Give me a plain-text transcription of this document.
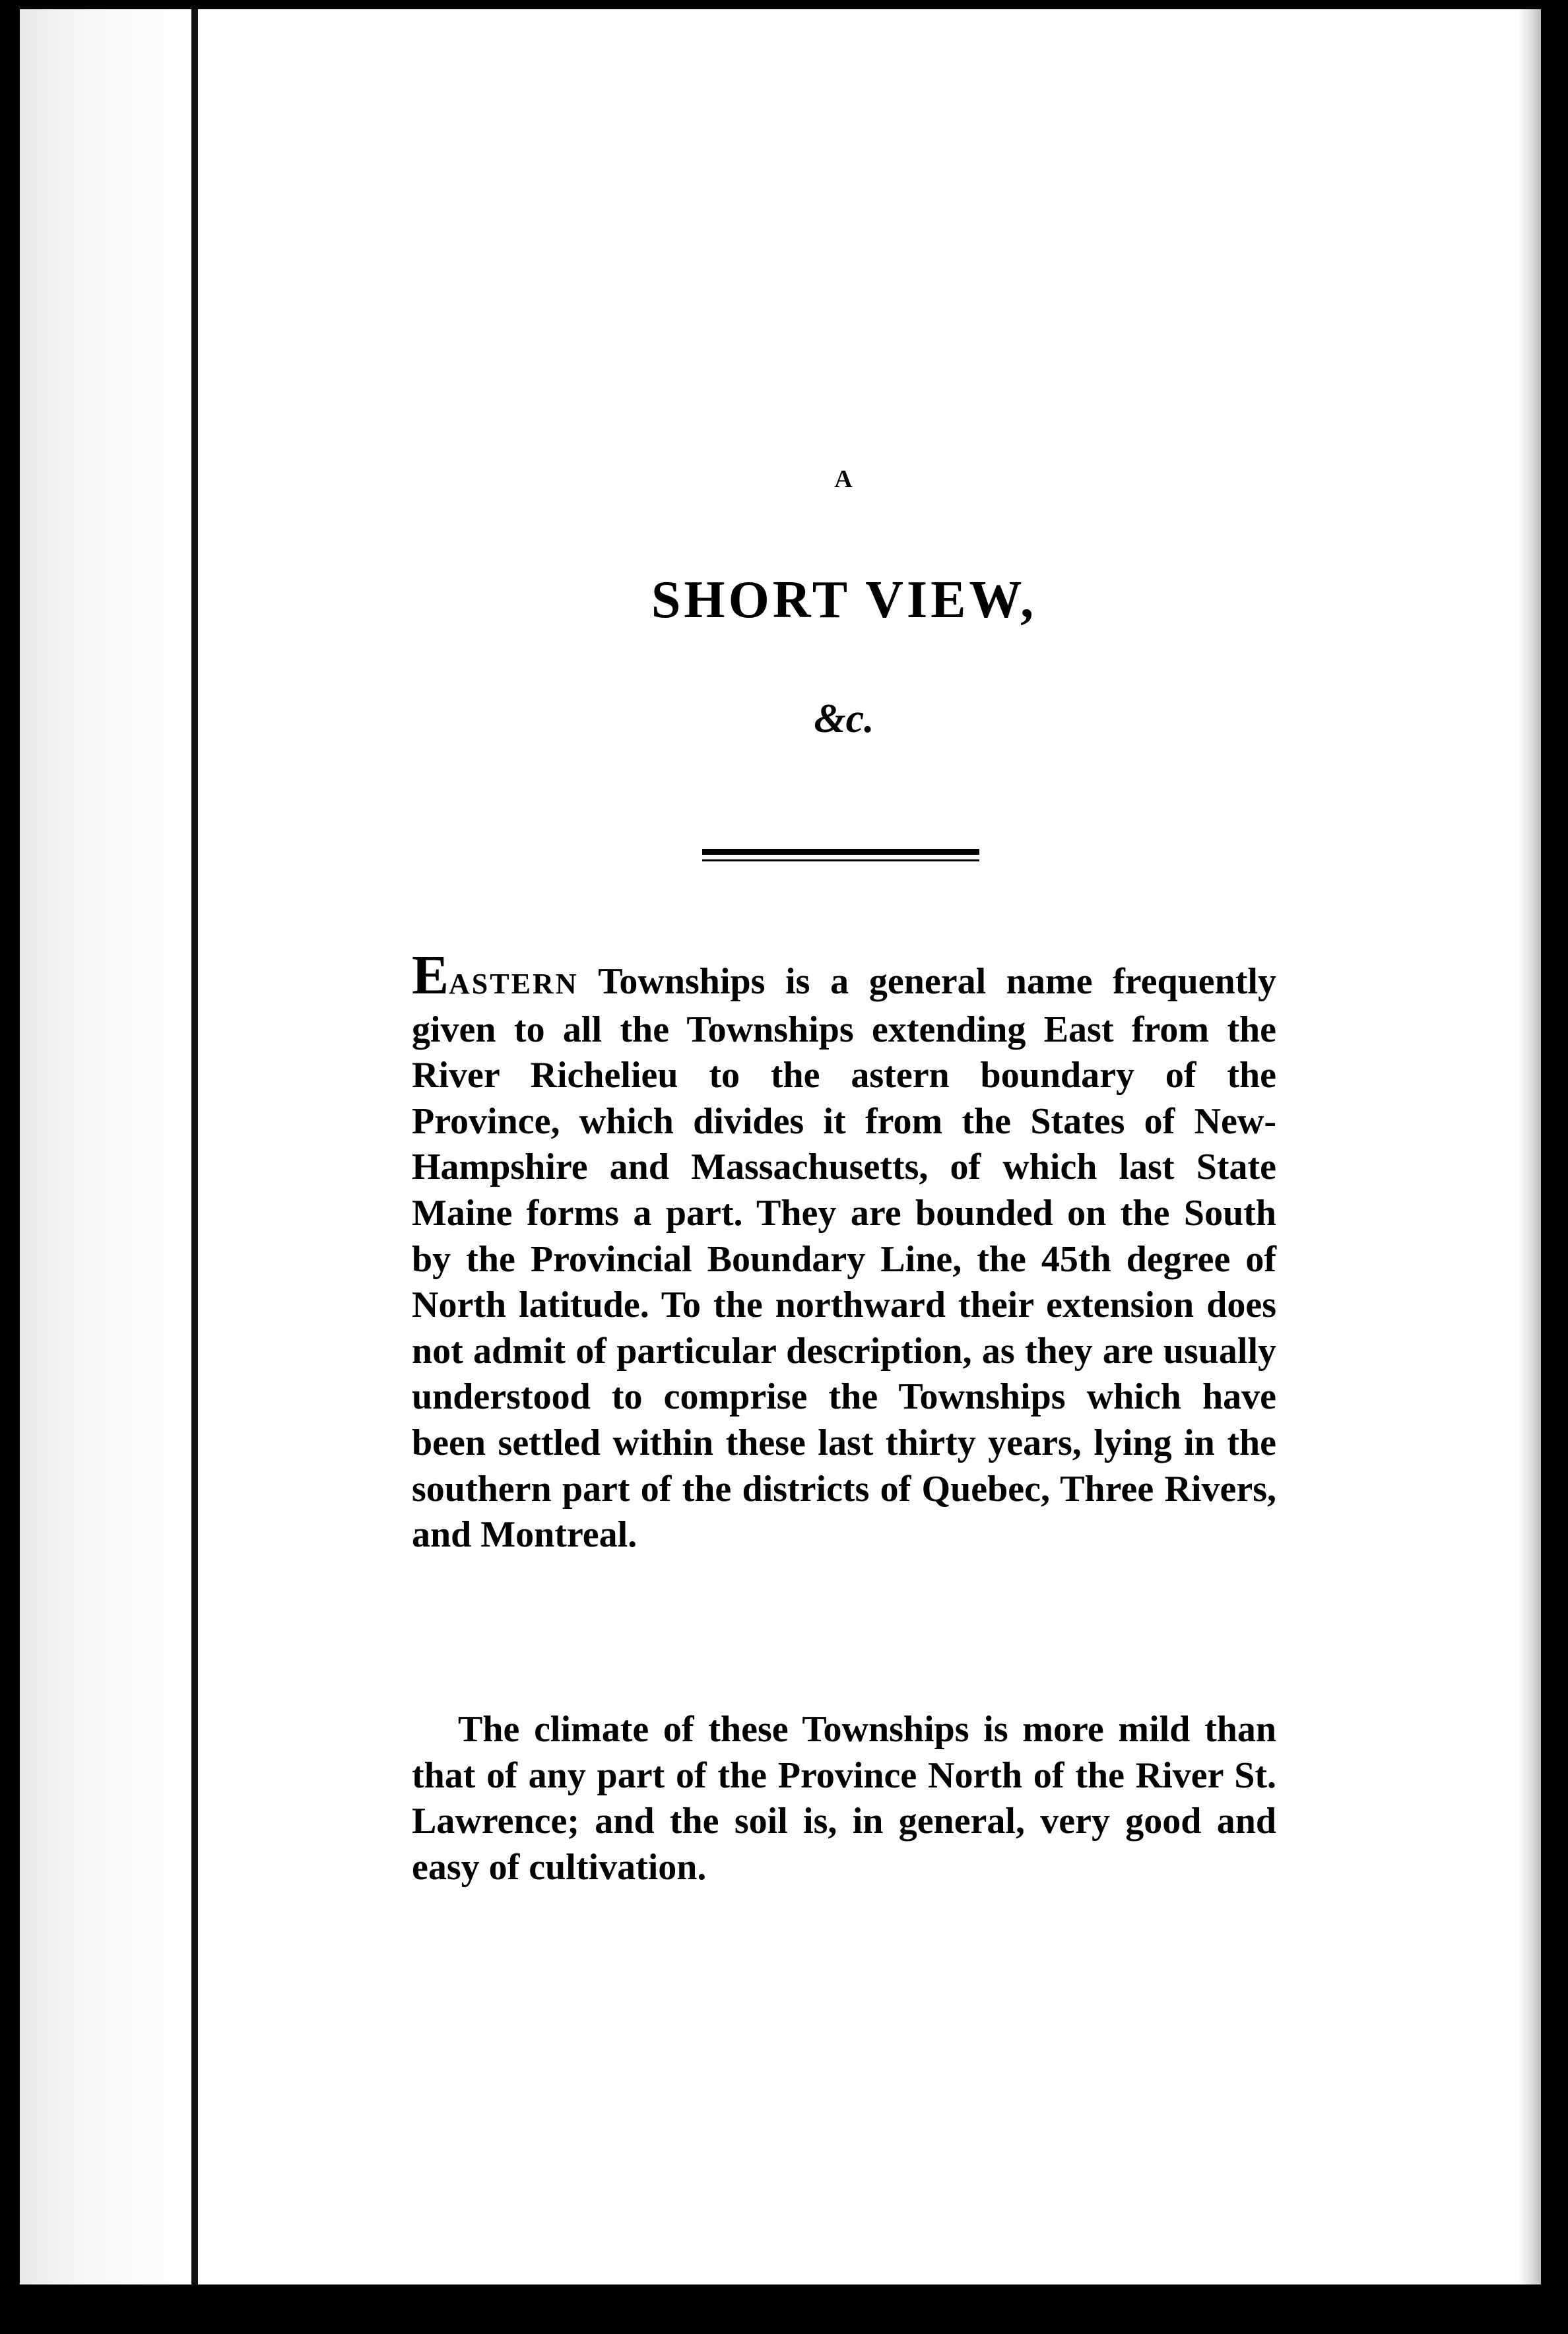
A
SHORT VIEW,
&c.

EASTERN Townships is a general name frequently given to all the Townships extending East from the River Richelieu to the astern boundary of the Province, which divides it from the States of New-Hampshire and Massachusetts, of which last State Maine forms a part. They are bounded on the South by the Provincial Boundary Line, the 45th degree of North latitude. To the northward their extension does not admit of particular description, as they are usually understood to comprise the Townships which have been settled within these last thirty years, lying in the southern part of the districts of Quebec, Three Rivers, and Montreal.

The climate of these Townships is more mild than that of any part of the Province North of the River St. Lawrence; and the soil is, in general, very good and easy of cultivation.
